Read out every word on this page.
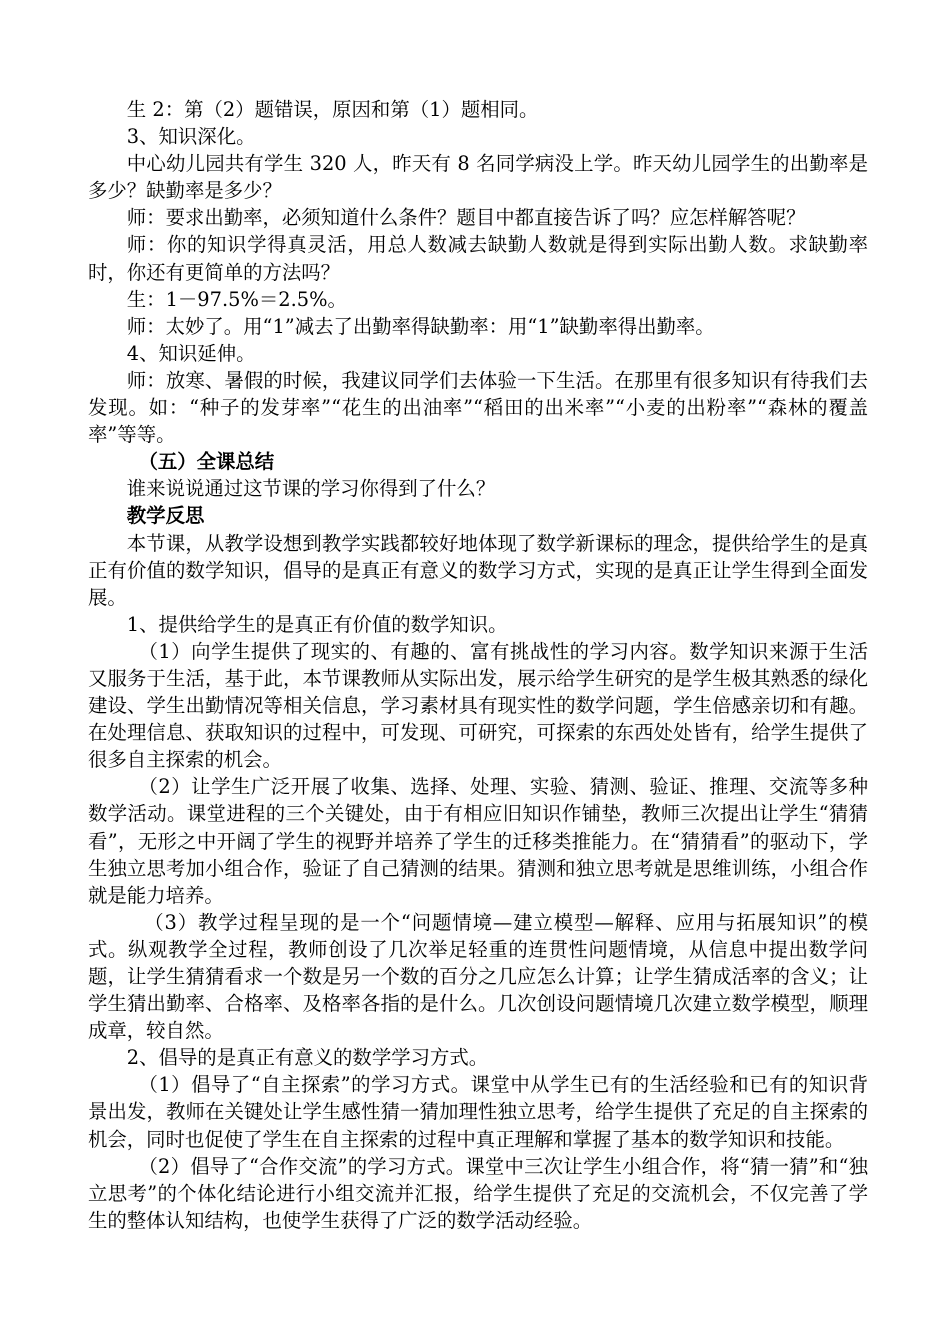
生 2：第（2）题错误，原因和第（1）题相同。

3、知识深化。

中心幼儿园共有学生 320 人，昨天有 8 名同学病没上学。昨天幼儿园学生的出勤率是多少？缺勤率是多少？

师：要求出勤率，必须知道什么条件？题目中都直接告诉了吗？应怎样解答呢？

师：你的知识学得真灵活，用总人数减去缺勤人数就是得到实际出勤人数。求缺勤率时，你还有更简单的方法吗？

生：1－97.5%＝2.5%。

师：太妙了。用“1”减去了出勤率得缺勤率：用“1”缺勤率得出勤率。

4、知识延伸。

师：放寒、暑假的时候，我建议同学们去体验一下生活。在那里有很多知识有待我们去发现。如：“种子的发芽率”“花生的出油率”“稻田的出米率”“小麦的出粉率”“森林的覆盖率”等等。

（五）全课总结

谁来说说通过这节课的学习你得到了什么？

教学反思

本节课，从教学设想到教学实践都较好地体现了数学新课标的理念，提供给学生的是真正有价值的数学知识，倡导的是真正有意义的数学习方式，实现的是真正让学生得到全面发展。

1、提供给学生的是真正有价值的数学知识。

（1）向学生提供了现实的、有趣的、富有挑战性的学习内容。数学知识来源于生活又服务于生活，基于此，本节课教师从实际出发，展示给学生研究的是学生极其熟悉的绿化建设、学生出勤情况等相关信息，学习素材具有现实性的数学问题，学生倍感亲切和有趣。在处理信息、获取知识的过程中，可发现、可研究，可探索的东西处处皆有，给学生提供了很多自主探索的机会。

（2）让学生广泛开展了收集、选择、处理、实验、猜测、验证、推理、交流等多种数学活动。课堂进程的三个关键处，由于有相应旧知识作铺垫，教师三次提出让学生“猜猜看”，无形之中开阔了学生的视野并培养了学生的迁移类推能力。在“猜猜看”的驱动下，学生独立思考加小组合作，验证了自己猜测的结果。猜测和独立思考就是思维训练，小组合作就是能力培养。

（3）教学过程呈现的是一个“问题情境—建立模型—解释、应用与拓展知识”的模式。纵观教学全过程，教师创设了几次举足轻重的连贯性问题情境，从信息中提出数学问题，让学生猜猜看求一个数是另一个数的百分之几应怎么计算；让学生猜成活率的含义；让学生猜出勤率、合格率、及格率各指的是什么。几次创设问题情境几次建立数学模型，顺理成章，较自然。

2、倡导的是真正有意义的数学学习方式。

（1）倡导了“自主探索”的学习方式。课堂中从学生已有的生活经验和已有的知识背景出发，教师在关键处让学生感性猜一猜加理性独立思考，给学生提供了充足的自主探索的机会，同时也促使了学生在自主探索的过程中真正理解和掌握了基本的数学知识和技能。

（2）倡导了“合作交流”的学习方式。课堂中三次让学生小组合作，将“猜一猜”和“独立思考”的个体化结论进行小组交流并汇报，给学生提供了充足的交流机会，不仅完善了学生的整体认知结构，也使学生获得了广泛的数学活动经验。
